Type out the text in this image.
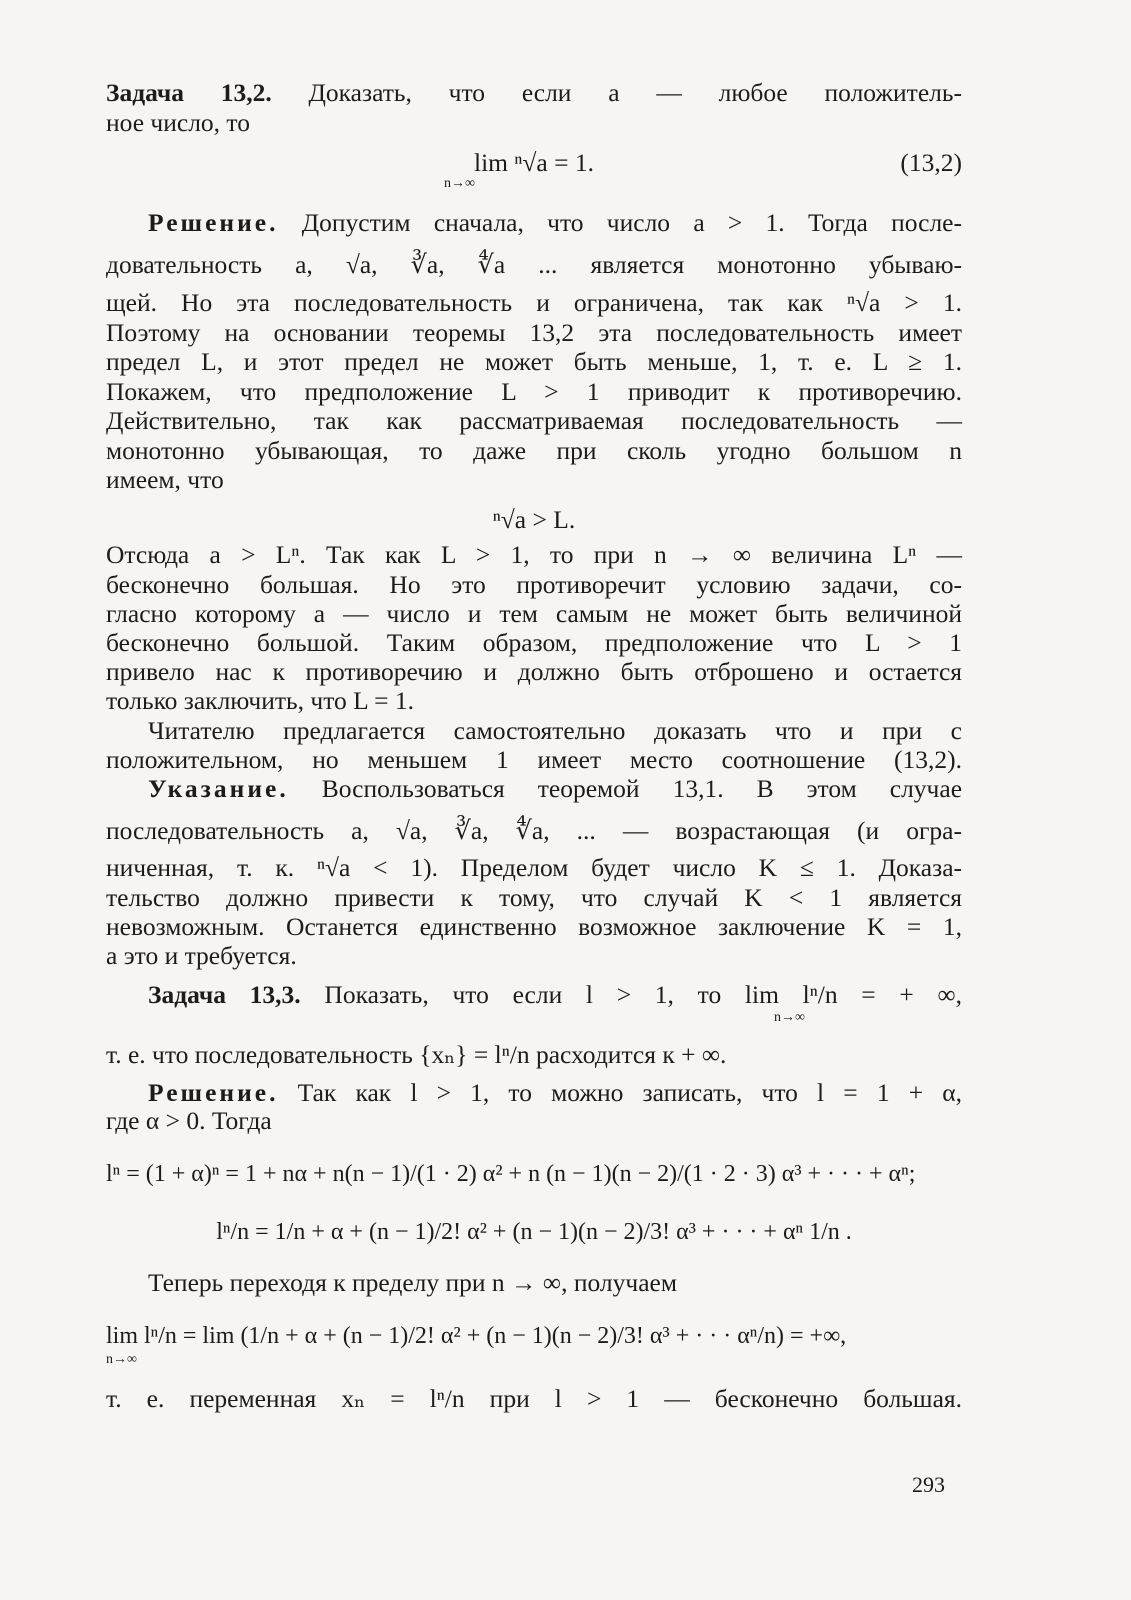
Задача 13,2. Доказать, что если a — любое положитель-
ное число, то
lim ⁿ√a = 1.	(13,2)
n→∞
Решение. Допустим сначала, что число a > 1. Тогда после-
довательность a, √a, ∛a, ∜a ... является монотонно убываю-
щей. Но эта последовательность и ограничена, так как ⁿ√a > 1.
Поэтому на основании теоремы 13,2 эта последовательность имеет
предел L, и этот предел не может быть меньше, 1, т. е. L ≥ 1.
Покажем, что предположение L > 1 приводит к противоречию.
Действительно, так как рассматриваемая последовательность —
монотонно убывающая, то даже при сколь угодно большом n
имеем, что
ⁿ√a > L.
Отсюда a > Lⁿ. Так как L > 1, то при n → ∞ величина Lⁿ —
бесконечно большая. Но это противоречит условию задачи, со-
гласно которому a — число и тем самым не может быть величиной
бесконечно большой. Таким образом, предположение что L > 1
привело нас к противоречию и должно быть отброшено и остается
только заключить, что L = 1.
Читателю предлагается самостоятельно доказать что и при c
положительном, но меньшем 1 имеет место соотношение (13,2).
Указание. Воспользоваться теоремой 13,1. В этом случае
последовательность a, √a, ∛a, ∜a, ... — возрастающая (и огра-
ниченная, т. к. ⁿ√a < 1). Пределом будет число K ≤ 1. Доказа-
тельство должно привести к тому, что случай K < 1 является
невозможным. Останется единственно возможное заключение K = 1,
а это и требуется.
Задача 13,3. Показать, что если l > 1, то lim lⁿ/n = + ∞,
n→∞
т. е. что последовательность {xₙ} = lⁿ/n расходится к + ∞.
Решение. Так как l > 1, то можно записать, что l = 1 + α,
где α > 0. Тогда
lⁿ = (1 + α)ⁿ = 1 + nα + n(n − 1)/(1 · 2) α² + n (n − 1)(n − 2)/(1 · 2 · 3) α³ + · · · + αⁿ;
lⁿ/n = 1/n + α + (n − 1)/2! α² + (n − 1)(n − 2)/3! α³ + · · · + αⁿ 1/n .
Теперь переходя к пределу при n → ∞, получаем
lim lⁿ/n = lim (1/n + α + (n − 1)/2! α² + (n − 1)(n − 2)/3! α³ + · · · αⁿ/n) = +∞,
n→∞
т. е. переменная xₙ = lⁿ/n при l > 1 — бесконечно большая.
293
